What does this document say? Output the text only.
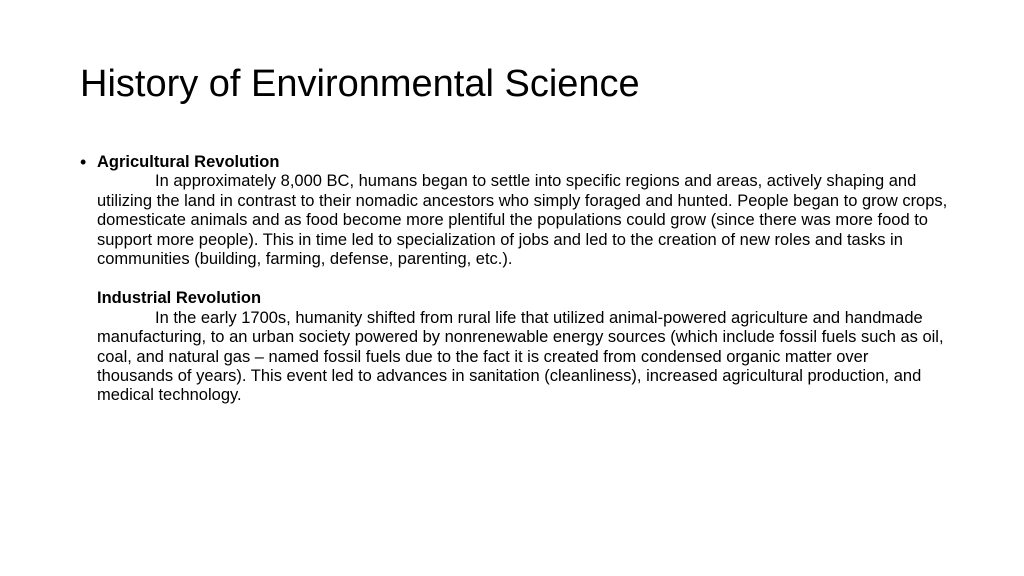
History of Environmental Science
• Agricultural Revolution
In approximately 8,000 BC, humans began to settle into specific regions and areas, actively shaping and utilizing the land in contrast to their nomadic ancestors who simply foraged and hunted. People began to grow crops, domesticate animals and as food become more plentiful the populations could grow (since there was more food to support more people). This in time led to specialization of jobs and led to the creation of new roles and tasks in communities (building, farming, defense, parenting, etc.).
Industrial Revolution
In the early 1700s, humanity shifted from rural life that utilized animal-powered agriculture and handmade manufacturing, to an urban society powered by nonrenewable energy sources (which include fossil fuels such as oil, coal, and natural gas – named fossil fuels due to the fact it is created from condensed organic matter over thousands of years). This event led to advances in sanitation (cleanliness), increased agricultural production, and medical technology.
